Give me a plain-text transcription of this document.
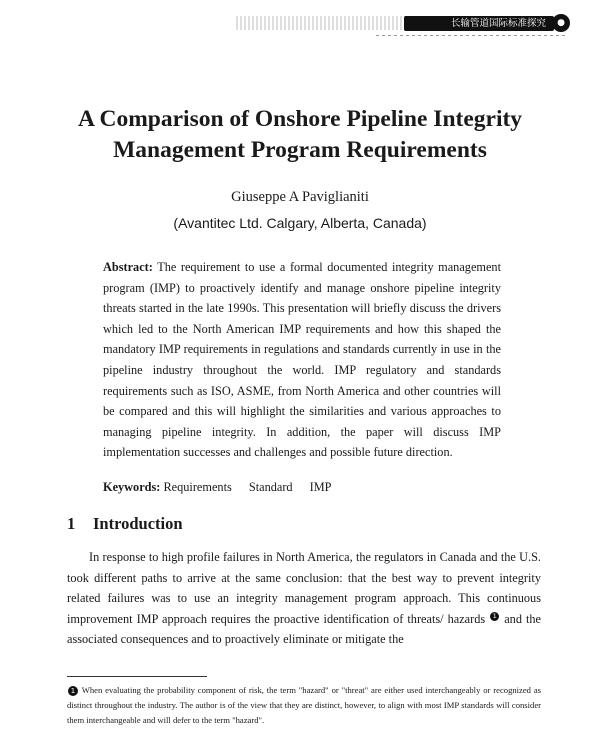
长输管道国际标准探究	●
A Comparison of Onshore Pipeline Integrity Management Program Requirements
Giuseppe A Paviglianiti
(Avantitec Ltd. Calgary, Alberta, Canada)
Abstract: The requirement to use a formal documented integrity management program (IMP) to proactively identify and manage onshore pipeline integrity threats started in the late 1990s. This presentation will briefly discuss the drivers which led to the North American IMP requirements and how this shaped the mandatory IMP requirements in regulations and standards currently in use in the pipeline industry throughout the world. IMP regulatory and standards requirements such as ISO, ASME, from North America and other countries will be compared and this will highlight the similarities and various approaches to managing pipeline integrity. In addition, the paper will discuss IMP implementation successes and challenges and possible future direction.
Keywords: Requirements Standard IMP
1 Introduction
In response to high profile failures in North America, the regulators in Canada and the U.S. took different paths to arrive at the same conclusion: that the best way to prevent integrity related failures was to use an integrity management program approach. This continuous improvement IMP approach requires the proactive identification of threats/ hazards 1 and the associated consequences and to proactively eliminate or mitigate the
1 When evaluating the probability component of risk, the term "hazard" or "threat" are either used interchangeably or recognized as distinct throughout the industry. The author is of the view that they are distinct, however, to align with most IMP standards will consider them interchangeable and will defer to the term "hazard".
